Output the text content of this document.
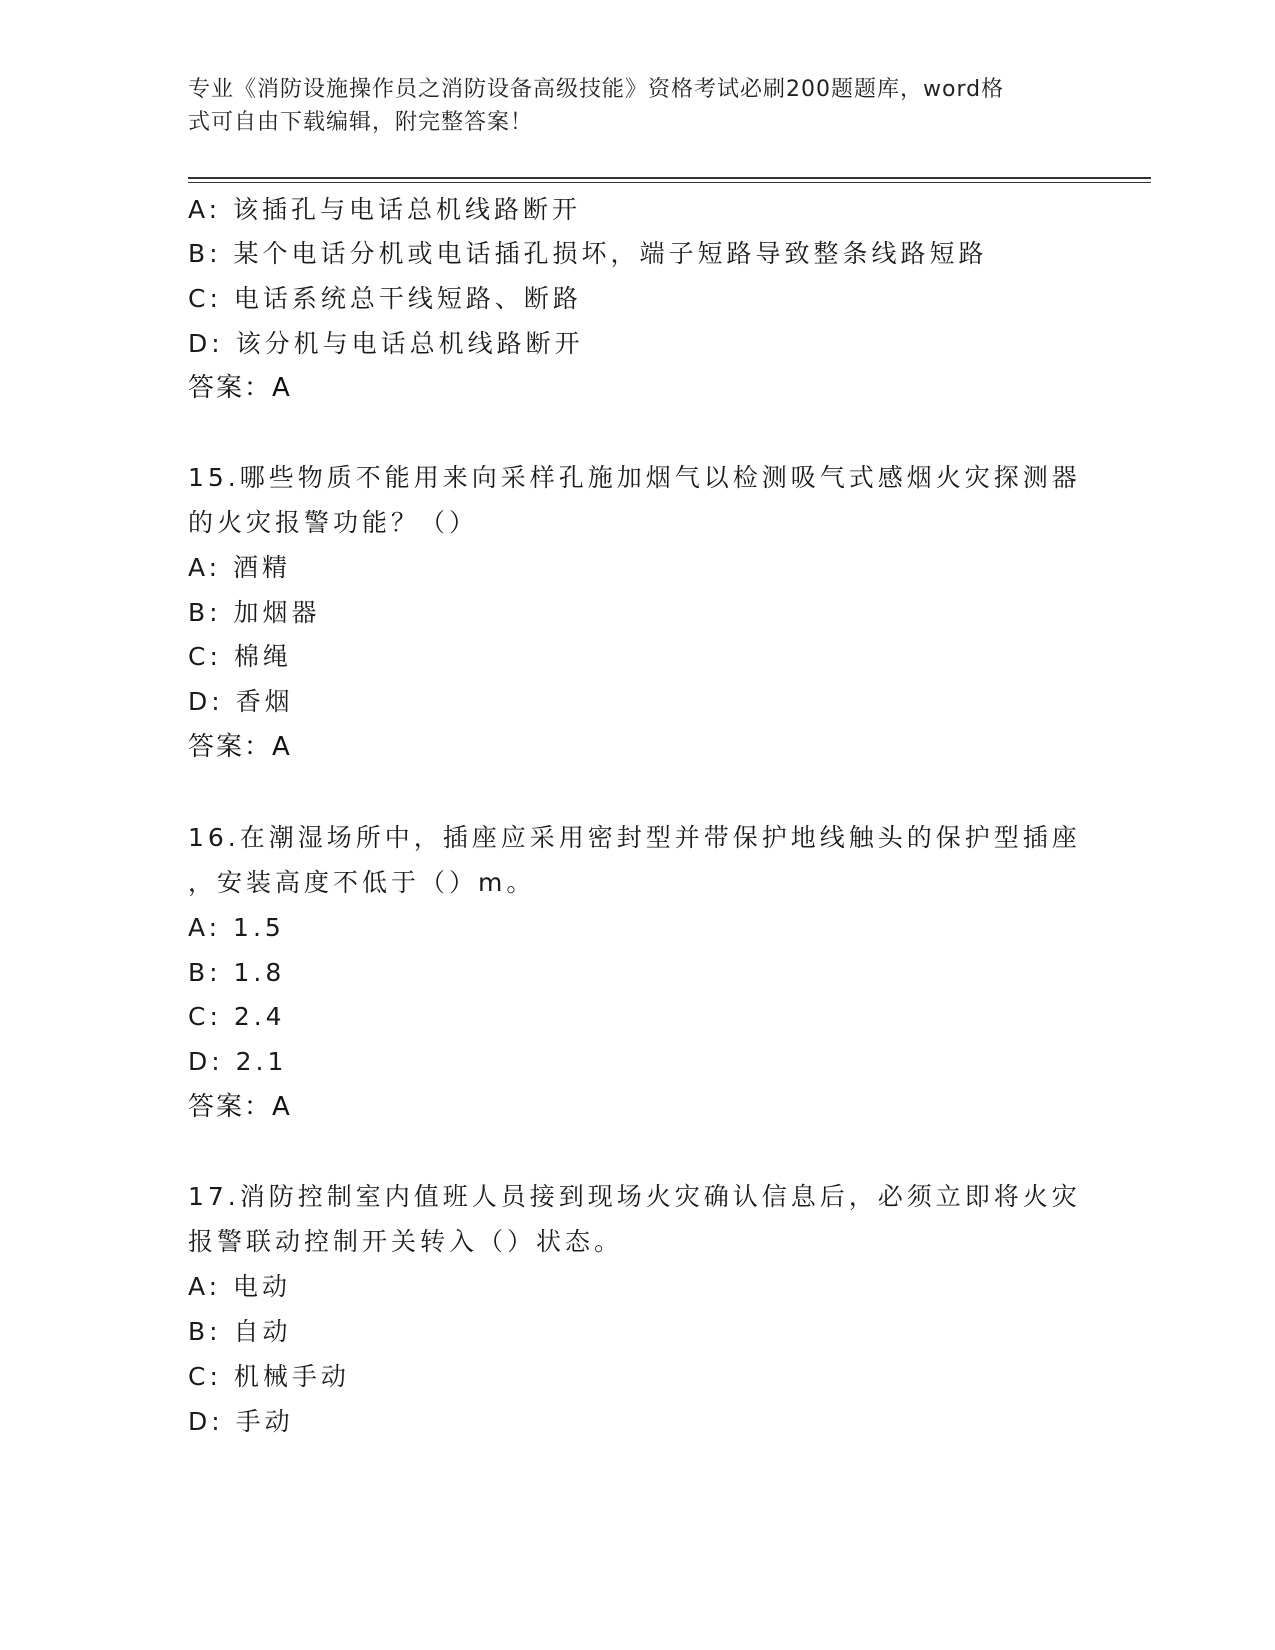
专业《消防设施操作员之消防设备高级技能》资格考试必刷200题题库，word格
式可自由下载编辑，附完整答案！
A: 该插孔与电话总机线路断开
B: 某个电话分机或电话插孔损坏，端子短路导致整条线路短路
C: 电话系统总干线短路、断路
D: 该分机与电话总机线路断开
答案：A
15.哪些物质不能用来向采样孔施加烟气以检测吸气式感烟火灾探测器
的火灾报警功能？（）
A: 酒精
B: 加烟器
C: 棉绳
D: 香烟
答案：A
16.在潮湿场所中，插座应采用密封型并带保护地线触头的保护型插座
，安装高度不低于（）m。
A: 1.5
B: 1.8
C: 2.4
D: 2.1
答案：A
17.消防控制室内值班人员接到现场火灾确认信息后，必须立即将火灾
报警联动控制开关转入（）状态。
A: 电动
B: 自动
C: 机械手动
D: 手动
